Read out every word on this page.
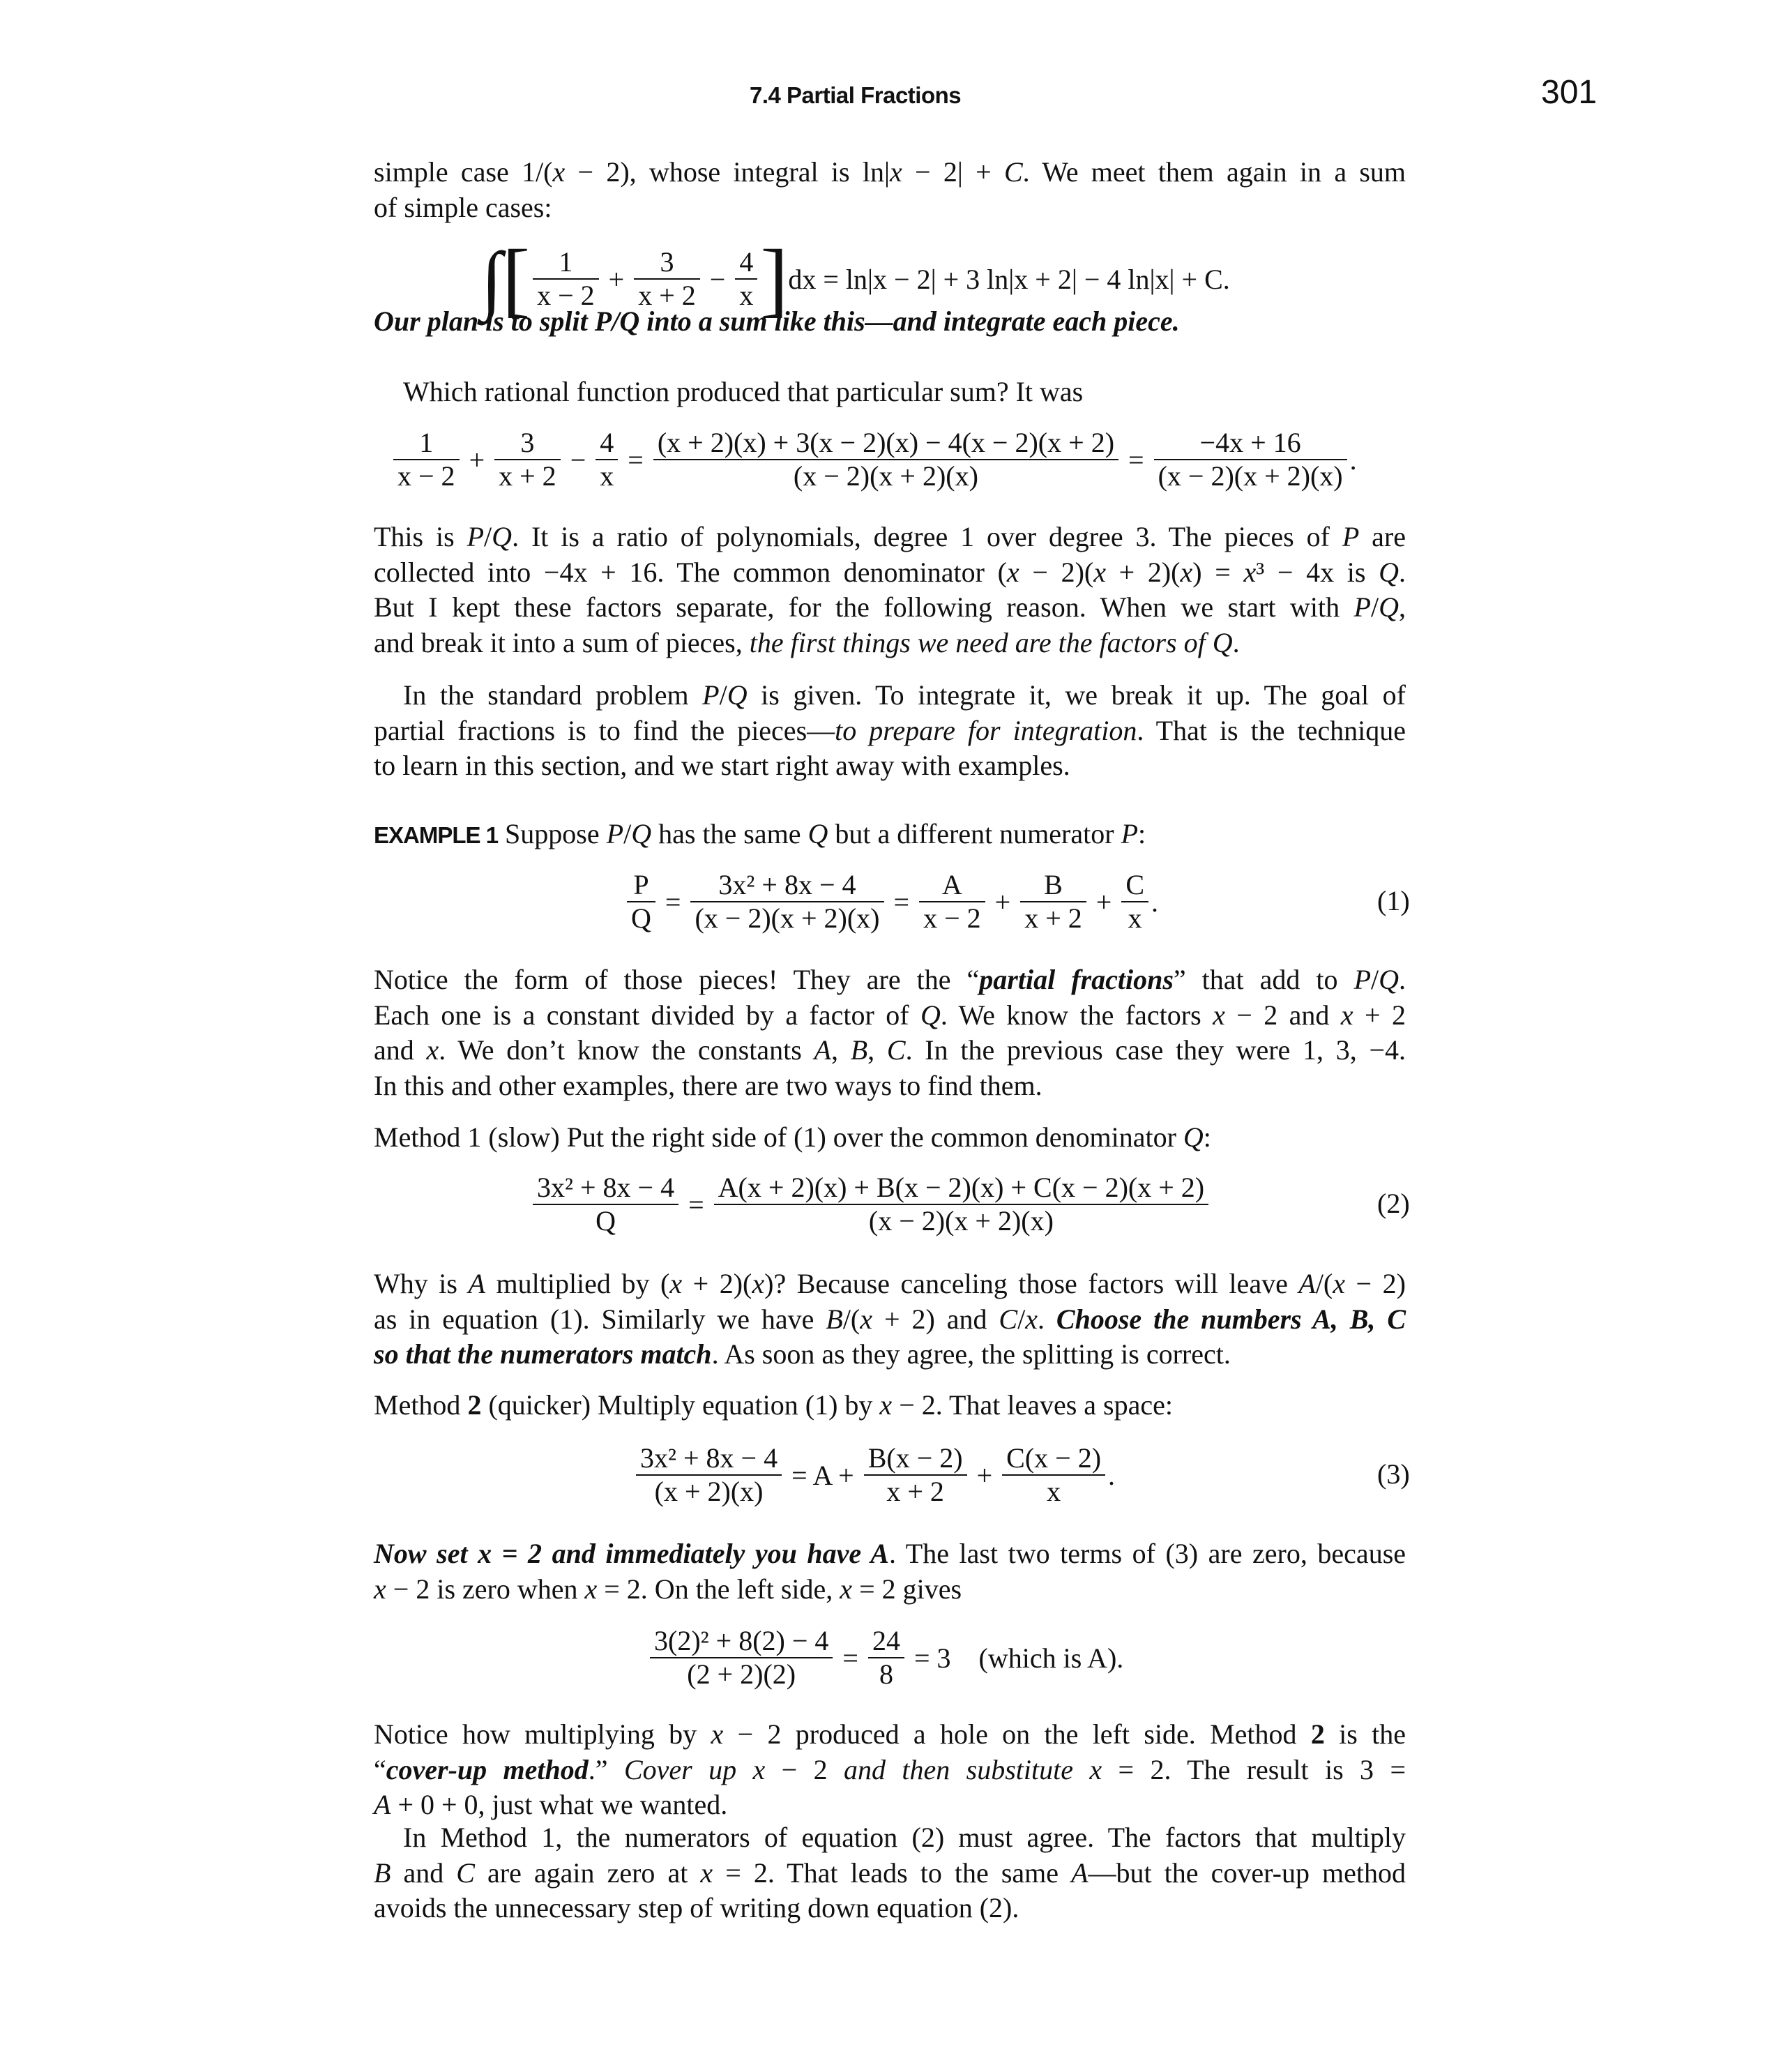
7.4 Partial Fractions	301
simple case 1/(x − 2), whose integral is ln|x − 2| + C. We meet them again in a sum
of simple cases:
∫ [ $\frac{1}{x - 2} + \frac{3}{x + 2} - \frac{4}{x}$ ] dx = ln|x − 2| + 3 ln|x + 2| − 4 ln|x| + C.
Our plan is to split P/Q into a sum like this—and integrate each piece.
Which rational function produced that particular sum? It was
$\frac{1}{x - 2} + \frac{3}{x + 2} - \frac{4}{x} = \frac{(x + 2)(x) + 3(x - 2)(x) - 4(x - 2)(x + 2)}{(x - 2)(x + 2)(x)} = \frac{-4x + 16}{(x - 2)(x + 2)(x)}$ .
This is P/Q. It is a ratio of polynomials, degree 1 over degree 3. The pieces of P are
collected into −4x + 16. The common denominator (x − 2)(x + 2)(x) = x³ − 4x is Q.
But I kept these factors separate, for the following reason. When we start with P/Q,
and break it into a sum of pieces, the first things we need are the factors of Q.
In the standard problem P/Q is given. To integrate it, we break it up. The goal of
partial fractions is to find the pieces—to prepare for integration. That is the technique
to learn in this section, and we start right away with examples.
EXAMPLE 1 Suppose P/Q has the same Q but a different numerator P:
$\frac{P}{Q} = \frac{\text{3x² + 8x − 4}}{(x - 2)(x + 2)(x)} = \frac{A}{x - 2} + \frac{B}{x + 2} + \frac{C}{x}$ .
Notice the form of those pieces! They are the “partial fractions” that add to P/Q.
Each one is a constant divided by a factor of Q. We know the factors x − 2 and x + 2
and x. We don’t know the constants A, B, C. In the previous case they were 1, 3, −4.
In this and other examples, there are two ways to find them.
Method 1 (slow) Put the right side of (1) over the common denominator Q:
$\frac{\text{3x² + 8x − 4}}{Q} = \frac{A(x + 2)(x) + B(x - 2)(x) + C(x - 2)(x + 2)}{(x - 2)(x + 2)(x)}$
Why is A multiplied by (x + 2)(x)? Because canceling those factors will leave A/(x − 2)
as in equation (1). Similarly we have B/(x + 2) and C/x. Choose the numbers A, B, C
so that the numerators match. As soon as they agree, the splitting is correct.
Method 2 (quicker) Multiply equation (1) by x − 2. That leaves a space:
$\frac{\text{3x² + 8x − 4}}{(x + 2)(x)} = A + \frac{B(x - 2)}{x + 2} + \frac{C(x - 2)}{x}$ .
Now set x = 2 and immediately you have A. The last two terms of (3) are zero, because
x − 2 is zero when x = 2. On the left side, x = 2 gives
$\frac{\text{3(2)² + 8(2) − 4}}{(2 + 2)(2)} = \frac{24}{8} = 3$    (which is A).
Notice how multiplying by x − 2 produced a hole on the left side. Method 2 is the
“cover-up method.” Cover up x − 2 and then substitute x = 2. The result is 3 =
A + 0 + 0, just what we wanted.
In Method 1, the numerators of equation (2) must agree. The factors that multiply
B and C are again zero at x = 2. That leads to the same A—but the cover-up method
avoids the unnecessary step of writing down equation (2).
(1)
(2)
(3)
